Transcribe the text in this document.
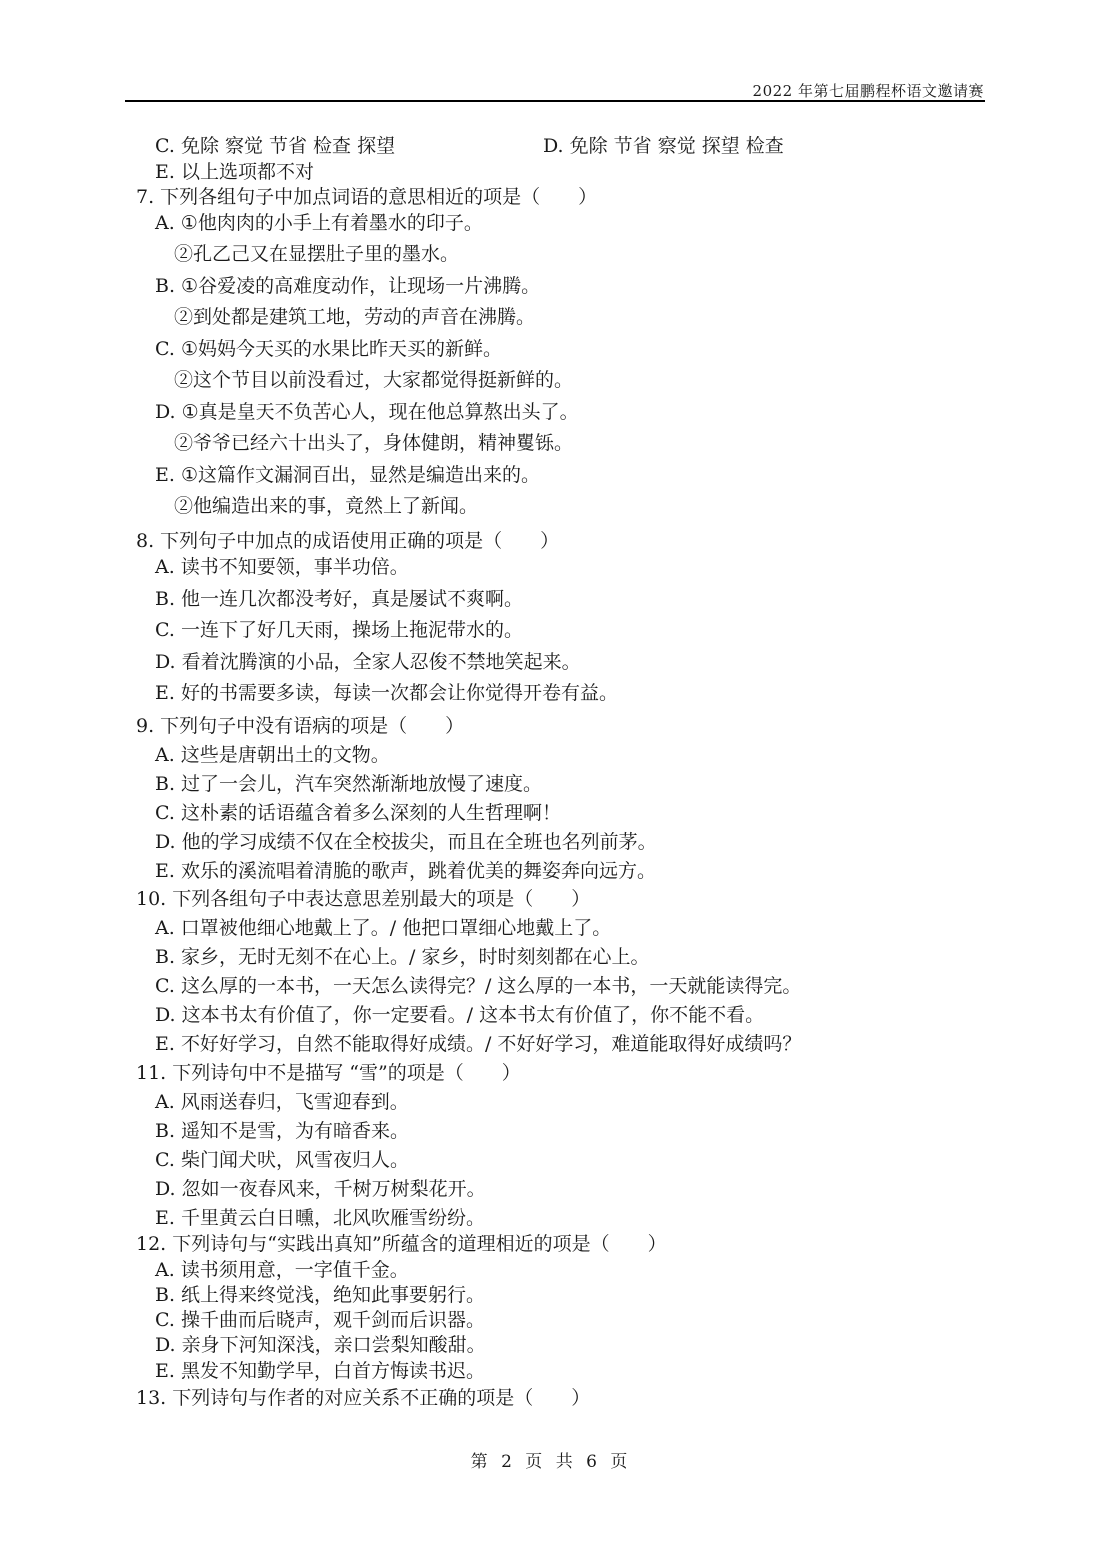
2022 年第七届鹏程杯语文邀请赛
C. 免除 察觉 节省 检查 探望	D. 免除 节省 察觉 探望 检查
E. 以上选项都不对
7. 下列各组句子中加点词语的意思相近的项是（　　）
A. ①他肉肉的小手上有着墨水的印子。
②孔乙己又在显摆肚子里的墨水。
B. ①谷爱凌的高难度动作，让现场一片沸腾。
②到处都是建筑工地，劳动的声音在沸腾。
C. ①妈妈今天买的水果比昨天买的新鲜。
②这个节目以前没看过，大家都觉得挺新鲜的。
D. ①真是皇天不负苦心人，现在他总算熬出头了。
②爷爷已经六十出头了，身体健朗，精神矍铄。
E. ①这篇作文漏洞百出，显然是编造出来的。
②他编造出来的事，竟然上了新闻。
8. 下列句子中加点的成语使用正确的项是（　　）
A. 读书不知要领，事半功倍。
B. 他一连几次都没考好，真是屡试不爽啊。
C. 一连下了好几天雨，操场上拖泥带水的。
D. 看着沈腾演的小品，全家人忍俊不禁地笑起来。
E. 好的书需要多读，每读一次都会让你觉得开卷有益。
9. 下列句子中没有语病的项是（　　）
A. 这些是唐朝出土的文物。
B. 过了一会儿，汽车突然渐渐地放慢了速度。
C. 这朴素的话语蕴含着多么深刻的人生哲理啊！
D. 他的学习成绩不仅在全校拔尖，而且在全班也名列前茅。
E. 欢乐的溪流唱着清脆的歌声，跳着优美的舞姿奔向远方。
10. 下列各组句子中表达意思差别最大的项是（　　）
A. 口罩被他细心地戴上了。/ 他把口罩细心地戴上了。
B. 家乡，无时无刻不在心上。/ 家乡，时时刻刻都在心上。
C. 这么厚的一本书，一天怎么读得完？/ 这么厚的一本书，一天就能读得完。
D. 这本书太有价值了，你一定要看。/ 这本书太有价值了，你不能不看。
E. 不好好学习，自然不能取得好成绩。/ 不好好学习，难道能取得好成绩吗？
11. 下列诗句中不是描写 “雪”的项是（　　）
A. 风雨送春归，飞雪迎春到。
B. 遥知不是雪，为有暗香来。
C. 柴门闻犬吠，风雪夜归人。
D. 忽如一夜春风来，千树万树梨花开。
E. 千里黄云白日曛，北风吹雁雪纷纷。
12. 下列诗句与“实践出真知”所蕴含的道理相近的项是（　　）
A. 读书须用意，一字值千金。
B. 纸上得来终觉浅，绝知此事要躬行。
C. 操千曲而后晓声，观千剑而后识器。
D. 亲身下河知深浅，亲口尝梨知酸甜。
E. 黑发不知勤学早，白首方悔读书迟。
13. 下列诗句与作者的对应关系不正确的项是（　　）
第 2 页 共 6 页
